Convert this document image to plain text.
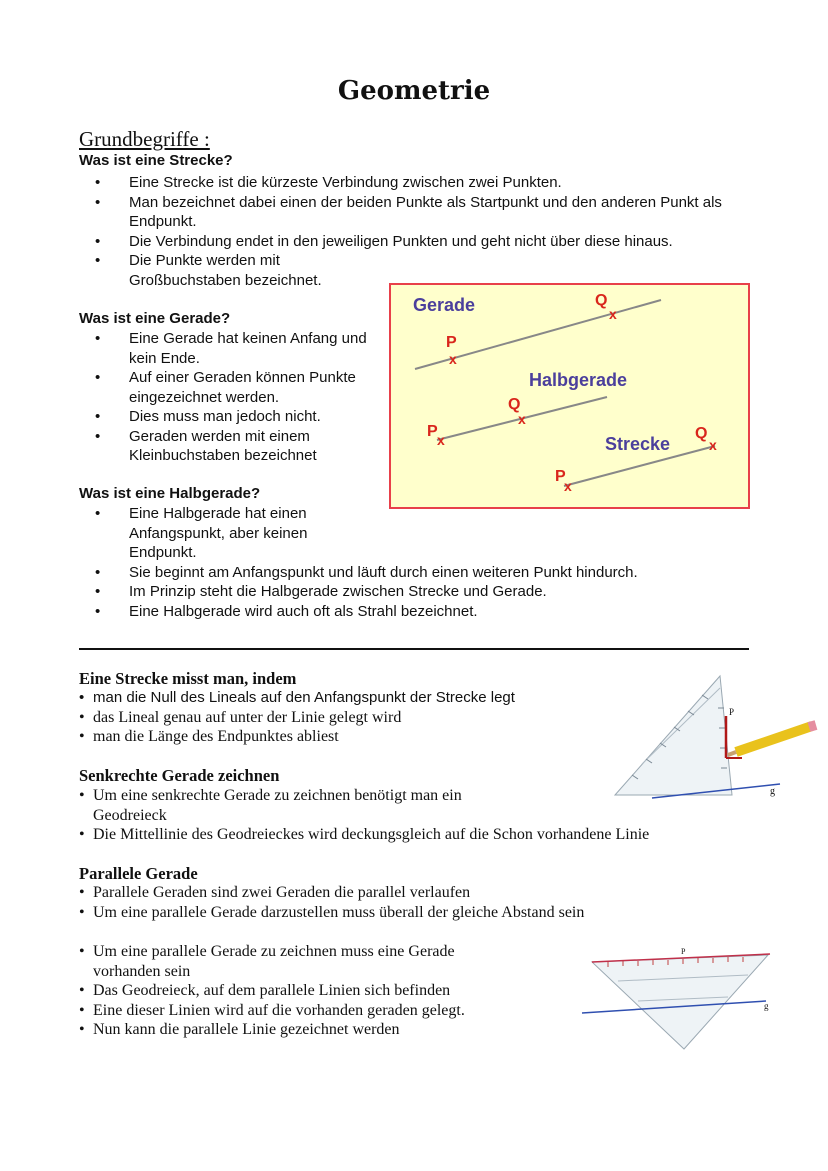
Geometrie
Grundbegriffe :
Was ist eine Strecke?
• Eine Strecke ist die kürzeste Verbindung zwischen zwei Punkten.
• Man bezeichnet dabei einen der beiden Punkte als Startpunkt und den anderen Punkt als Endpunkt.
• Die Verbindung endet in den jeweiligen Punkten und geht nicht über diese hinaus.
• Die Punkte werden mit Großbuchstaben bezeichnet.
Was ist eine Gerade?
• Eine Gerade hat keinen Anfang und kein Ende.
• Auf einer Geraden können Punkte eingezeichnet werden.
• Dies muss man jedoch nicht.
• Geraden werden mit einem Kleinbuchstaben bezeichnet
Was ist eine Halbgerade?
• Eine Halbgerade hat einen Anfangspunkt, aber keinen Endpunkt.
• Sie beginnt am Anfangspunkt und läuft durch einen weiteren Punkt hindurch.
• Im Prinzip steht die Halbgerade zwischen Strecke und Gerade.
• Eine Halbgerade wird auch oft als Strahl bezeichnet.
Gerade
P
x
Q
x
Halbgerade
P x
Q
x
Strecke
P
x
Q
x
Eine Strecke misst man, indem
• man die Null des Lineals auf den Anfangspunkt der Strecke legt
• das Lineal genau auf unter der Linie gelegt wird
• man die Länge des Endpunktes abliest
P
g
Senkrechte Gerade zeichnen
• Um eine senkrechte Gerade zu zeichnen benötigt man ein Geodreieck
• Die Mittellinie des Geodreieckes wird deckungsgleich auf die Schon vorhandene Linie
Parallele Gerade
• Parallele Geraden sind zwei Geraden die parallel verlaufen
• Um eine parallele Gerade darzustellen muss überall der gleiche Abstand sein
• Um eine parallele Gerade zu zeichnen muss eine Gerade vorhanden sein
• Das Geodreieck, auf dem parallele Linien sich befinden
• Eine dieser Linien wird auf die vorhanden geraden gelegt.
• Nun kann die parallele Linie gezeichnet werden
P
g
